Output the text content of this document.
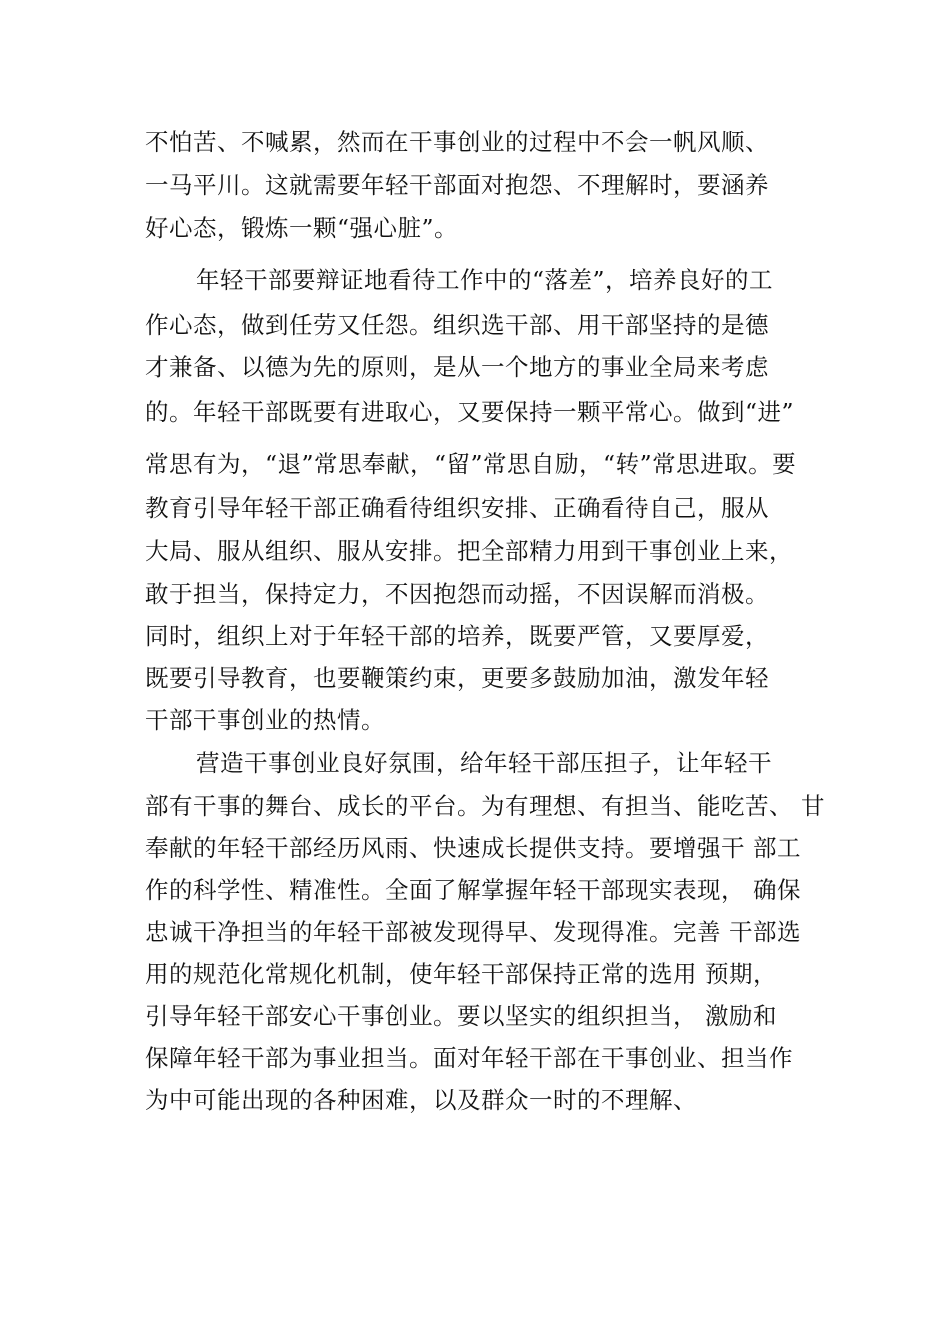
不怕苦、不喊累，然而在干事创业的过程中不会一帆风顺、
一马平川。这就需要年轻干部面对抱怨、不理解时，要涵养
好心态，锻炼一颗“强心脏”。
年轻干部要辩证地看待工作中的“落差”，培养良好的工
作心态，做到任劳又任怨。组织选干部、用干部坚持的是德
才兼备、以德为先的原则，是从一个地方的事业全局来考虑
的。年轻干部既要有进取心，又要保持一颗平常心。做到“进”
常思有为，“退”常思奉献，“留”常思自励，“转”常思进取。要
教育引导年轻干部正确看待组织安排、正确看待自己，服从
大局、服从组织、服从安排。把全部精力用到干事创业上来，
敢于担当，保持定力，不因抱怨而动摇，不因误解而消极。
同时，组织上对于年轻干部的培养，既要严管，又要厚爱，
既要引导教育，也要鞭策约束，更要多鼓励加油，激发年轻
干部干事创业的热情。
营造干事创业良好氛围，给年轻干部压担子，让年轻干
部有干事的舞台、成长的平台。为有理想、有担当、能吃苦、 甘
奉献的年轻干部经历风雨、快速成长提供支持。要增强干 部工
作的科学性、精准性。全面了解掌握年轻干部现实表现， 确保
忠诚干净担当的年轻干部被发现得早、发现得准。完善 干部选
用的规范化常规化机制，使年轻干部保持正常的选用 预期，
引导年轻干部安心干事创业。要以坚实的组织担当， 激励和
保障年轻干部为事业担当。面对年轻干部在干事创业、担当作
为中可能出现的各种困难，以及群众一时的不理解、
